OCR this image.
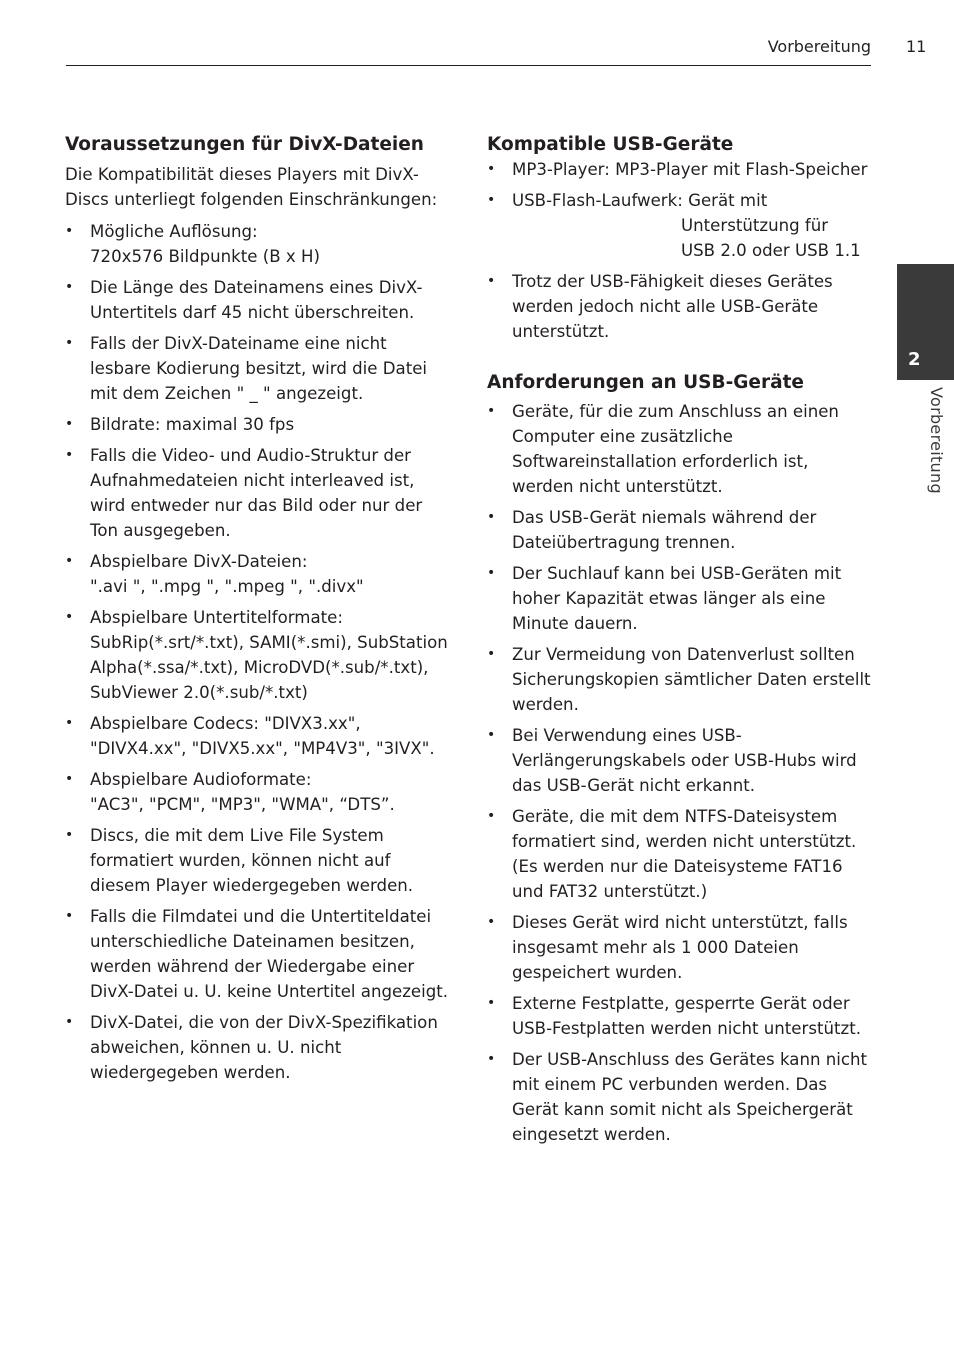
Vorbereitung 11
2
Vorbereitung
Voraussetzungen für DivX-Dateien

Die Kompatibilität dieses Players mit DivX-Discs unterliegt folgenden Einschränkungen:

• Mögliche Auflösung:
720x576 Bildpunkte (B x H)
• Die Länge des Dateinamens eines DivX-Untertitels darf 45 nicht überschreiten.
• Falls der DivX-Dateiname eine nicht lesbare Kodierung besitzt, wird die Datei mit dem Zeichen " _ " angezeigt.
• Bildrate: maximal 30 fps
• Falls die Video- und Audio-Struktur der Aufnahmedateien nicht interleaved ist, wird entweder nur das Bild oder nur der Ton ausgegeben.
• Abspielbare DivX-Dateien:
".avi ", ".mpg ", ".mpeg ", ".divx"
• Abspielbare Untertitelformate: SubRip(*.srt/*.txt), SAMI(*.smi), SubStation Alpha(*.ssa/*.txt), MicroDVD(*.sub/*.txt), SubViewer 2.0(*.sub/*.txt)
• Abspielbare Codecs: "DIVX3.xx", "DIVX4.xx", "DIVX5.xx", "MP4V3", "3IVX".
• Abspielbare Audioformate:
"AC3", "PCM", "MP3", "WMA", “DTS”.
• Discs, die mit dem Live File System formatiert wurden, können nicht auf diesem Player wiedergegeben werden.
• Falls die Filmdatei und die Untertiteldatei unterschiedliche Dateinamen besitzen, werden während der Wiedergabe einer DivX-Datei u. U. keine Untertitel angezeigt.
• DivX-Datei, die von der DivX-Spezifikation abweichen, können u. U. nicht wiedergegeben werden.
Kompatible USB-Geräte
• MP3-Player: MP3-Player mit Flash-Speicher
• USB-Flash-Laufwerk: Gerät mit
Unterstützung für
USB 2.0 oder USB 1.1
• Trotz der USB-Fähigkeit dieses Gerätes werden jedoch nicht alle USB-Geräte unterstützt.
Anforderungen an USB-Geräte
• Geräte, für die zum Anschluss an einen Computer eine zusätzliche Softwareinstallation erforderlich ist, werden nicht unterstützt.
• Das USB-Gerät niemals während der Dateiübertragung trennen.
• Der Suchlauf kann bei USB-Geräten mit hoher Kapazität etwas länger als eine Minute dauern.
• Zur Vermeidung von Datenverlust sollten Sicherungskopien sämtlicher Daten erstellt werden.
• Bei Verwendung eines USB-Verlängerungskabels oder USB-Hubs wird das USB-Gerät nicht erkannt.
• Geräte, die mit dem NTFS-Dateisystem formatiert sind, werden nicht unterstützt. (Es werden nur die Dateisysteme FAT16 und FAT32 unterstützt.)
• Dieses Gerät wird nicht unterstützt, falls insgesamt mehr als 1 000 Dateien gespeichert wurden.
• Externe Festplatte, gesperrte Gerät oder USB-Festplatten werden nicht unterstützt.
• Der USB-Anschluss des Gerätes kann nicht mit einem PC verbunden werden. Das Gerät kann somit nicht als Speichergerät eingesetzt werden.
